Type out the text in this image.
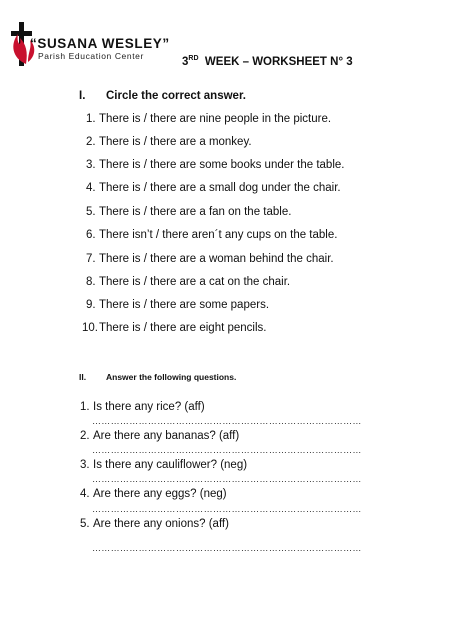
“SUSANA WESLEY”
Parish Education Center	3RD WEEK – WORKSHEET N° 3
I. Circle the correct answer.
1. There is / there are nine people in the picture.
2. There is / there are a monkey.
3. There is / there are some books under the table.
4. There is / there are a small dog under the chair.
5. There is / there are a fan on the table.
6. There isn’t / there aren´t any cups on the table.
7. There is / there are a woman behind the chair.
8. There is / there are a cat on the chair.
9. There is / there are some papers.
10. There is / there are eight pencils.
II. Answer the following questions.
1. Is there any rice? (aff)
……………………………………………………………………………
2. Are there any bananas? (aff)
……………………………………………………………………………
3. Is there any cauliflower? (neg)
……………………………………………………………………………
4. Are there any eggs? (neg)
……………………………………………………………………………
5. Are there any onions? (aff)
……………………………………………………………………………
